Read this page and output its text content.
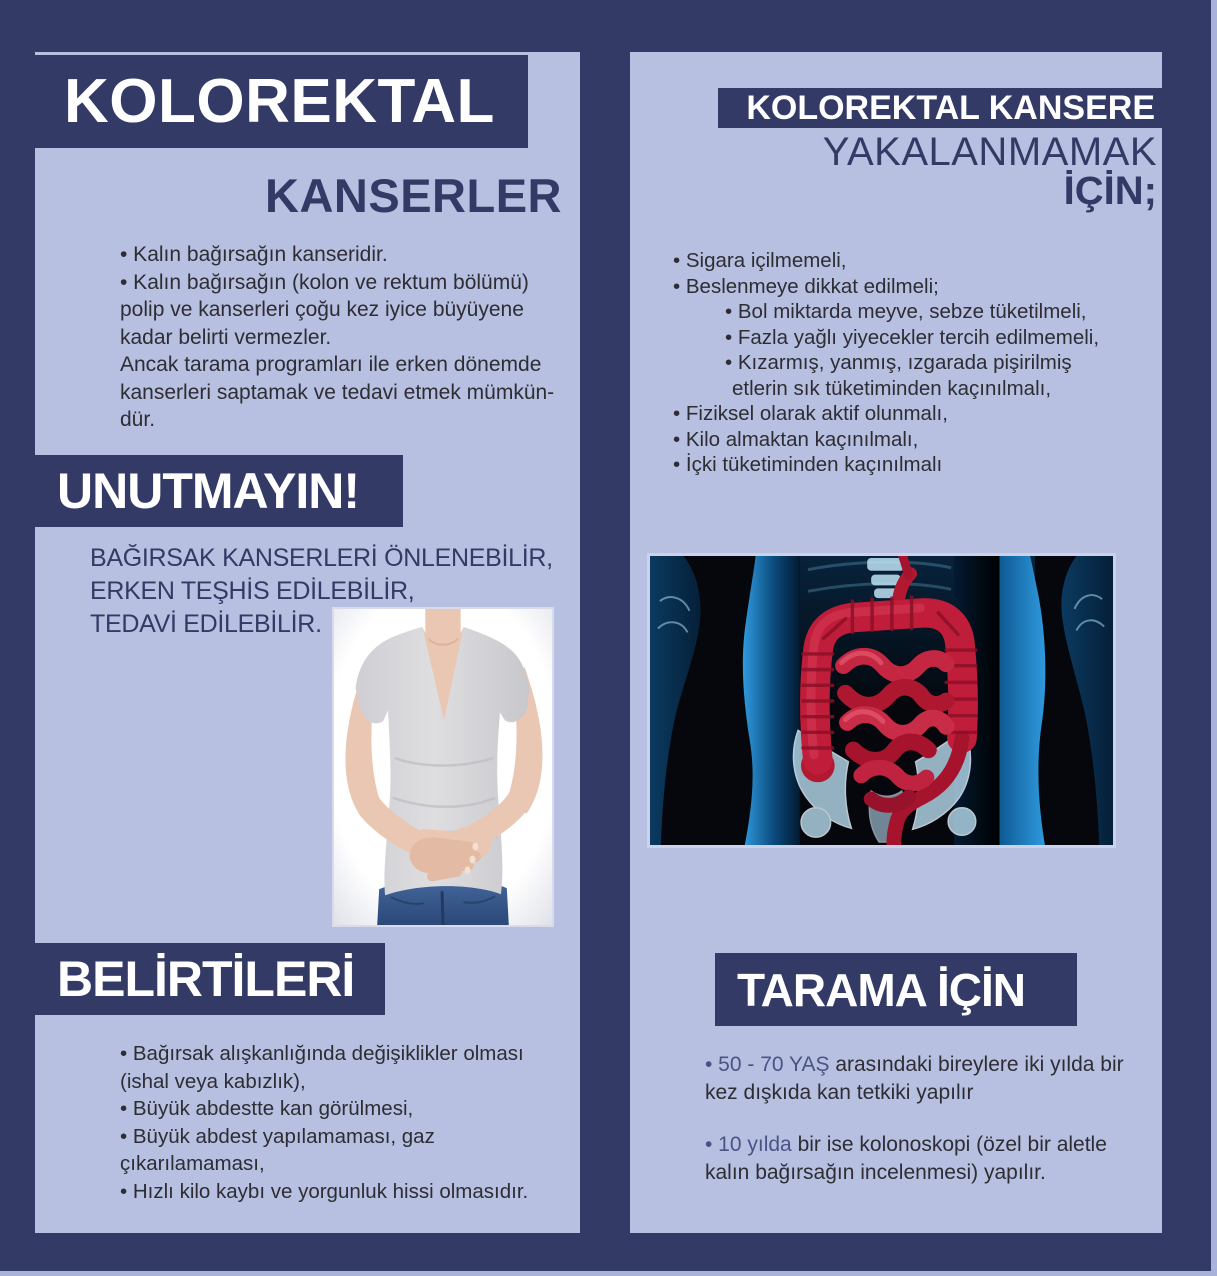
KOLOREKTAL
KANSERLER
• Kalın bağırsağın kanseridir.
• Kalın bağırsağın (kolon ve rektum bölümü)
polip ve kanserleri çoğu kez iyice büyüyene
kadar belirti vermezler.
Ancak tarama programları ile erken dönemde
kanserleri saptamak ve tedavi etmek mümkün-
dür.
UNUTMAYIN!
BAĞIRSAK KANSERLERİ ÖNLENEBİLİR,
ERKEN TEŞHİS EDİLEBİLİR,
TEDAVİ EDİLEBİLİR.
BELİRTİLERİ
• Bağırsak alışkanlığında değişiklikler olması
(ishal veya kabızlık),
• Büyük abdestte kan görülmesi,
• Büyük abdest yapılamaması, gaz
çıkarılamaması,
• Hızlı kilo kaybı ve yorgunluk hissi olmasıdır.
KOLOREKTAL KANSERE
YAKALANMAMAK
İÇİN;
• Sigara içilmemeli,
• Beslenmeye dikkat edilmeli;
• Bol miktarda meyve, sebze tüketilmeli,
• Fazla yağlı yiyecekler tercih edilmemeli,
• Kızarmış, yanmış, ızgarada pişirilmiş
etlerin sık tüketiminden kaçınılmalı,
• Fiziksel olarak aktif olunmalı,
• Kilo almaktan kaçınılmalı,
• İçki tüketiminden kaçınılmalı
TARAMA İÇİN
• 50 - 70 YAŞ arasındaki bireylere iki yılda bir
kez dışkıda kan tetkiki yapılır
• 10 yılda bir ise kolonoskopi (özel bir aletle
kalın bağırsağın incelenmesi) yapılır.
